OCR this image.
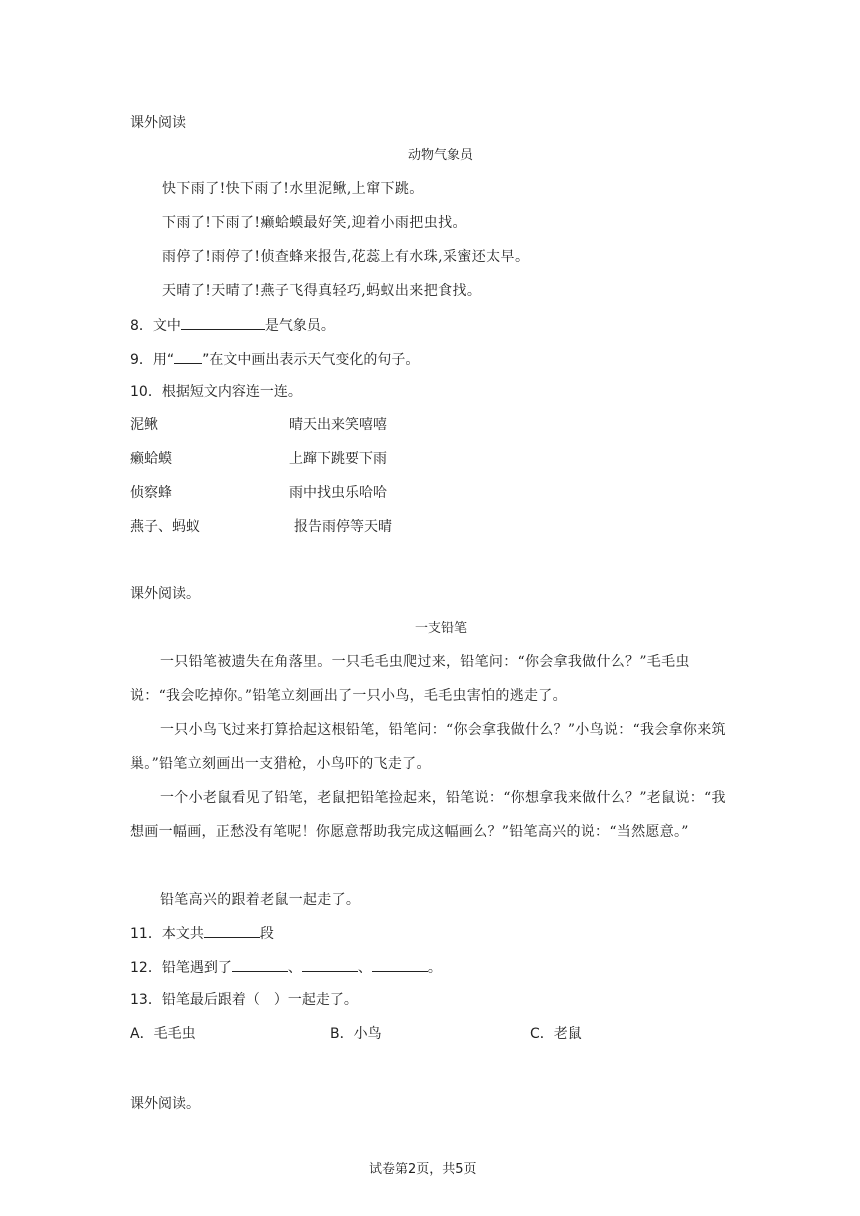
课外阅读
动物气象员
快下雨了!快下雨了!水里泥鳅,上窜下跳。
下雨了!下雨了!癞蛤蟆最好笑,迎着小雨把虫找。
雨停了!雨停了!侦查蜂来报告,花蕊上有水珠,采蜜还太早。
天晴了!天晴了!燕子飞得真轻巧,蚂蚁出来把食找。
8．文中	是气象员。
9．用“ ”在文中画出表示天气变化的句子。
10．根据短文内容连一连。
泥鳅
癞蛤蟆
侦察蜂
燕子、蚂蚁
晴天出来笑嘻嘻
上蹿下跳要下雨
雨中找虫乐哈哈
报告雨停等天晴
课外阅读。
一支铅笔
一只铅笔被遗失在角落里。一只毛毛虫爬过来，铅笔问：“你会拿我做什么？”毛毛虫说：“我会吃掉你。”铅笔立刻画出了一只小鸟，毛毛虫害怕的逃走了。
一只小鸟飞过来打算拾起这根铅笔，铅笔问：“你会拿我做什么？”小鸟说：“我会拿你来筑巢。”铅笔立刻画出一支猎枪，小鸟吓的飞走了。
一个小老鼠看见了铅笔，老鼠把铅笔捡起来，铅笔说：“你想拿我来做什么？”老鼠说：“我想画一幅画，正愁没有笔呢！你愿意帮助我完成这幅画么？”铅笔高兴的说：“当然愿意。”
铅笔高兴的跟着老鼠一起走了。
11．本文共	段
12．铅笔遇到了	、	、	。
13．铅笔最后跟着（　）一起走了。
A．毛毛虫	B．小鸟	C．老鼠
课外阅读。
试卷第2页，共5页
